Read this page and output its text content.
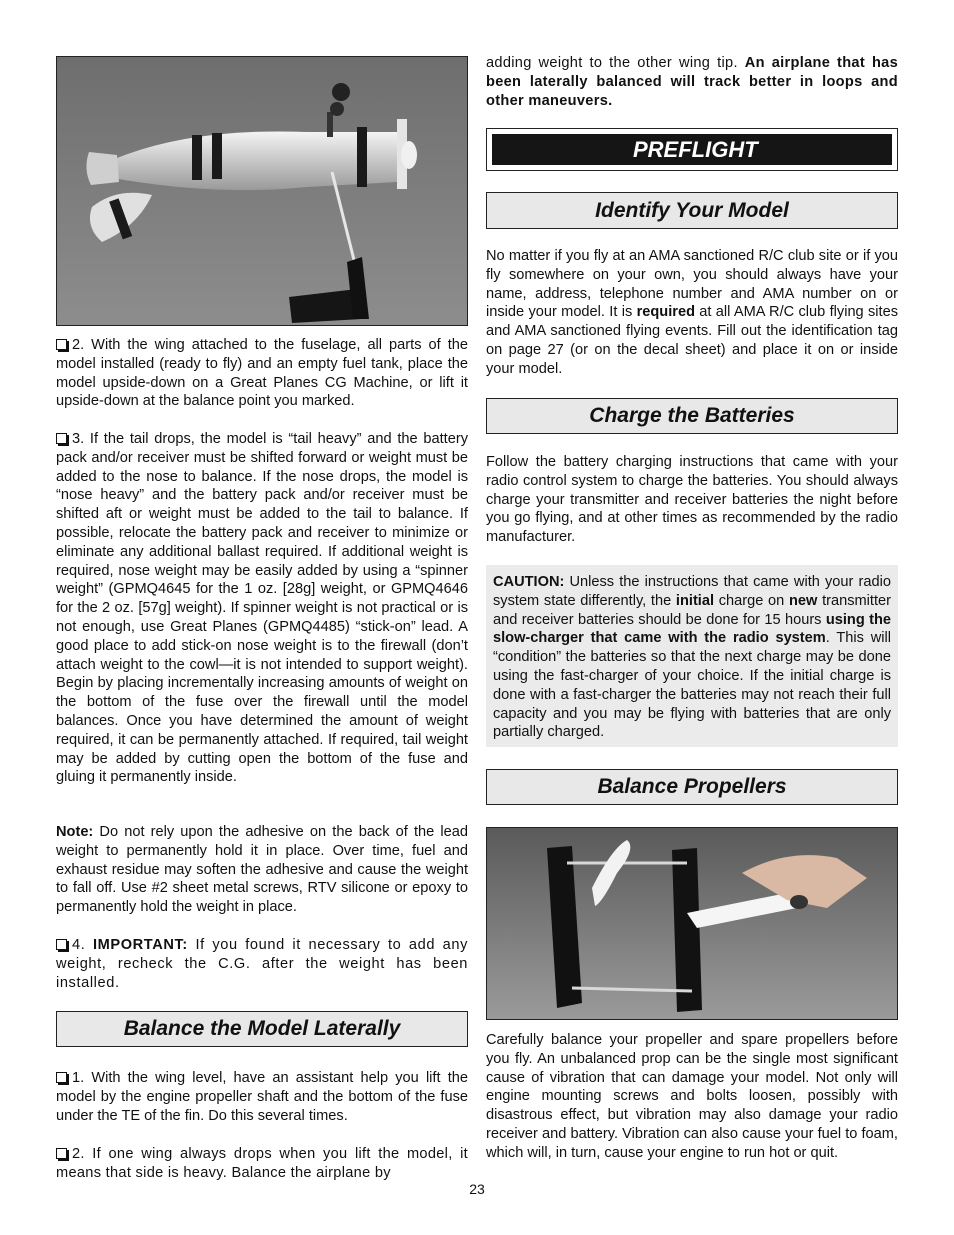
2. With the wing attached to the fuselage, all parts of the model installed (ready to fly) and an empty fuel tank, place the model upside-down on a Great Planes CG Machine, or lift it upside-down at the balance point you marked.

3. If the tail drops, the model is “tail heavy” and the battery pack and/or receiver must be shifted forward or weight must be added to the nose to balance. If the nose drops, the model is “nose heavy” and the battery pack and/or receiver must be shifted aft or weight must be added to the tail to balance. If possible, relocate the battery pack and receiver to minimize or eliminate any additional ballast required. If additional weight is required, nose weight may be easily added by using a “spinner weight” (GPMQ4645 for the 1 oz. [28g] weight, or GPMQ4646 for the 2 oz. [57g] weight). If spinner weight is not practical or is not enough, use Great Planes (GPMQ4485) “stick-on” lead. A good place to add stick-on nose weight is to the firewall (don’t attach weight to the cowl—it is not intended to support weight). Begin by placing incrementally increasing amounts of weight on the bottom of the fuse over the firewall until the model balances. Once you have determined the amount of weight required, it can be permanently attached. If required, tail weight may be added by cutting open the bottom of the fuse and gluing it permanently inside.

Note: Do not rely upon the adhesive on the back of the lead weight to permanently hold it in place. Over time, fuel and exhaust residue may soften the adhesive and cause the weight to fall off. Use #2 sheet metal screws, RTV silicone or epoxy to permanently hold the weight in place.

4. IMPORTANT: If you found it necessary to add any weight, recheck the C.G. after the weight has been installed.

Balance the Model Laterally

1. With the wing level, have an assistant help you lift the model by the engine propeller shaft and the bottom of the fuse under the TE of the fin. Do this several times.

2. If one wing always drops when you lift the model, it means that side is heavy. Balance the airplane by

adding weight to the other wing tip. An airplane that has been laterally balanced will track better in loops and other maneuvers.

PREFLIGHT
Identify Your Model

No matter if you fly at an AMA sanctioned R/C club site or if you fly somewhere on your own, you should always have your name, address, telephone number and AMA number on or inside your model. It is required at all AMA R/C club flying sites and AMA sanctioned flying events. Fill out the identification tag on page 27 (or on the decal sheet) and place it on or inside your model.

Charge the Batteries

Follow the battery charging instructions that came with your radio control system to charge the batteries. You should always charge your transmitter and receiver batteries the night before you go flying, and at other times as recommended by the radio manufacturer.

CAUTION: Unless the instructions that came with your radio system state differently, the initial charge on new transmitter and receiver batteries should be done for 15 hours using the slow-charger that came with the radio system. This will “condition” the batteries so that the next charge may be done using the fast-charger of your choice. If the initial charge is done with a fast-charger the batteries may not reach their full capacity and you may be flying with batteries that are only partially charged.

Balance Propellers

Carefully balance your propeller and spare propellers before you fly. An unbalanced prop can be the single most significant cause of vibration that can damage your model. Not only will engine mounting screws and bolts loosen, possibly with disastrous effect, but vibration may also damage your radio receiver and battery. Vibration can also cause your fuel to foam, which will, in turn, cause your engine to run hot or quit.

23
